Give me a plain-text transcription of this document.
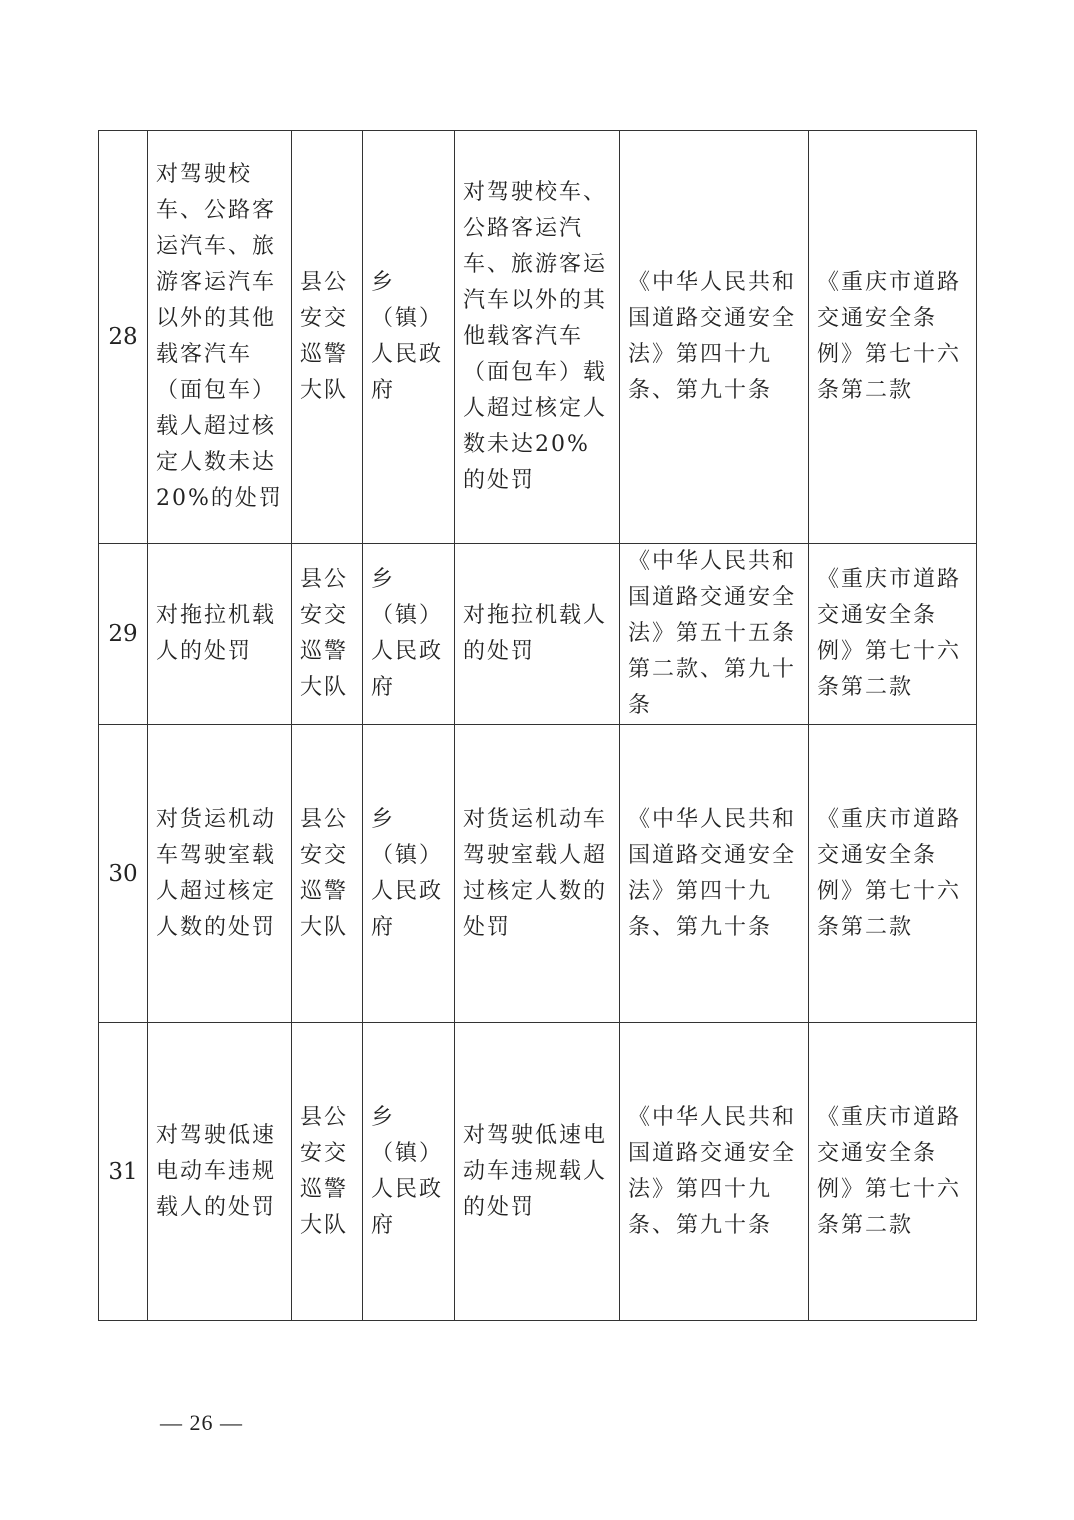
28	对驾驶校车、公路客运汽车、旅游客运汽车以外的其他载客汽车（面包车）载人超过核定人数未达20%的处罚	县公安交巡警大队	乡（镇）人民政府	对驾驶校车、公路客运汽车、旅游客运汽车以外的其他载客汽车（面包车）载人超过核定人数未达20%的处罚	《中华人民共和国道路交通安全法》第四十九条、第九十条	《重庆市道路交通安全条例》第七十六条第二款
29	对拖拉机载人的处罚	县公安交巡警大队	乡（镇）人民政府	对拖拉机载人的处罚	《中华人民共和国道路交通安全法》第五十五条第二款、第九十条	《重庆市道路交通安全条例》第七十六条第二款
30	对货运机动车驾驶室载人超过核定人数的处罚	县公安交巡警大队	乡（镇）人民政府	对货运机动车驾驶室载人超过核定人数的处罚	《中华人民共和国道路交通安全法》第四十九条、第九十条	《重庆市道路交通安全条例》第七十六条第二款
31	对驾驶低速电动车违规载人的处罚	县公安交巡警大队	乡（镇）人民政府	对驾驶低速电动车违规载人的处罚	《中华人民共和国道路交通安全法》第四十九条、第九十条	《重庆市道路交通安全条例》第七十六条第二款
— 26 —
